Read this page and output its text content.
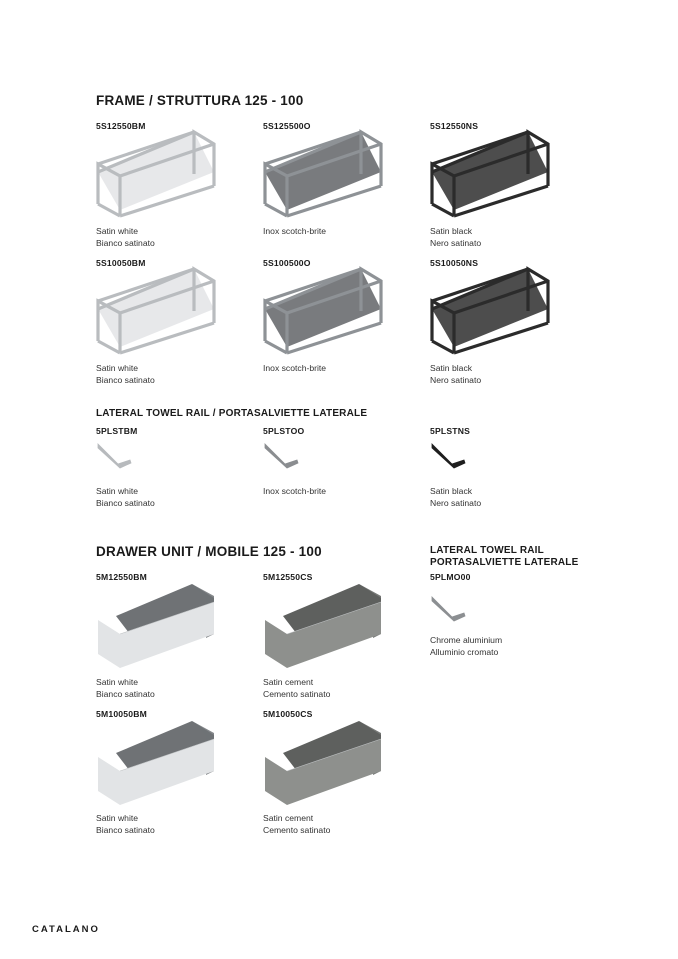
FRAME / STRUTTURA 125 - 100
5S12550BM
Satin white
Bianco satinato
5S125500O
Inox scotch-brite
5S12550NS
Satin black
Nero satinato
5S10050BM
Satin white
Bianco satinato
5S100500O
Inox scotch-brite
5S10050NS
Satin black
Nero satinato
LATERAL TOWEL RAIL / PORTASALVIETTE LATERALE
5PLSTBM
Satin white
Bianco satinato
5PLSTOO
Inox scotch-brite
5PLSTNS
Satin black
Nero satinato
DRAWER UNIT / MOBILE 125 - 100
5M12550BM
Satin white
Bianco satinato
5M12550CS
Satin cement
Cemento satinato
5M10050BM
Satin white
Bianco satinato
5M10050CS
Satin cement
Cemento satinato
LATERAL TOWEL RAIL
PORTASALVIETTE LATERALE
5PLMO00
Chrome aluminium
Alluminio cromato
CATALANO
